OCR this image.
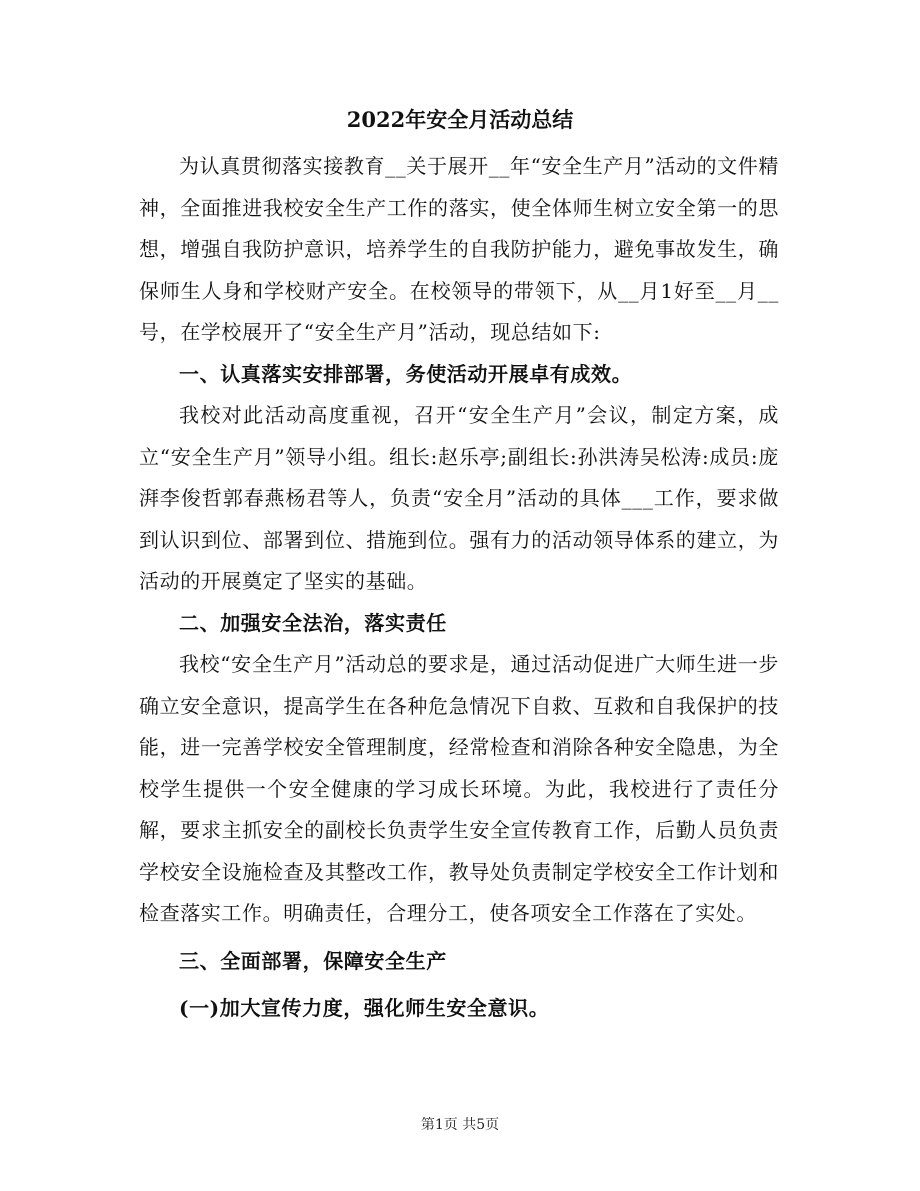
2022年安全月活动总结

为认真贯彻落实接教育__关于展开__年“安全生产月”活动的文件精神，全面推进我校安全生产工作的落实，使全体师生树立安全第一的思想，增强自我防护意识，培养学生的自我防护能力，避免事故发生，确保师生人身和学校财产安全。在校领导的带领下，从__月1好至__月__号，在学校展开了“安全生产月”活动，现总结如下:

一、认真落实安排部署，务使活动开展卓有成效。

我校对此活动高度重视，召开“安全生产月”会议，制定方案，成立“安全生产月”领导小组。组长:赵乐亭;副组长:孙洪涛吴松涛:成员:庞湃李俊哲郭春燕杨君等人，负责“安全月”活动的具体___工作，要求做到认识到位、部署到位、措施到位。强有力的活动领导体系的建立，为活动的开展奠定了坚实的基础。

二、加强安全法治，落实责任

我校“安全生产月”活动总的要求是，通过活动促进广大师生进一步确立安全意识，提高学生在各种危急情况下自救、互救和自我保护的技能，进一完善学校安全管理制度，经常检查和消除各种安全隐患，为全校学生提供一个安全健康的学习成长环境。为此，我校进行了责任分解，要求主抓安全的副校长负责学生安全宣传教育工作，后勤人员负责学校安全设施检查及其整改工作，教导处负责制定学校安全工作计划和检查落实工作。明确责任，合理分工，使各项安全工作落在了实处。

三、全面部署，保障安全生产

(一)加大宣传力度，强化师生安全意识。

第1页 共5页
